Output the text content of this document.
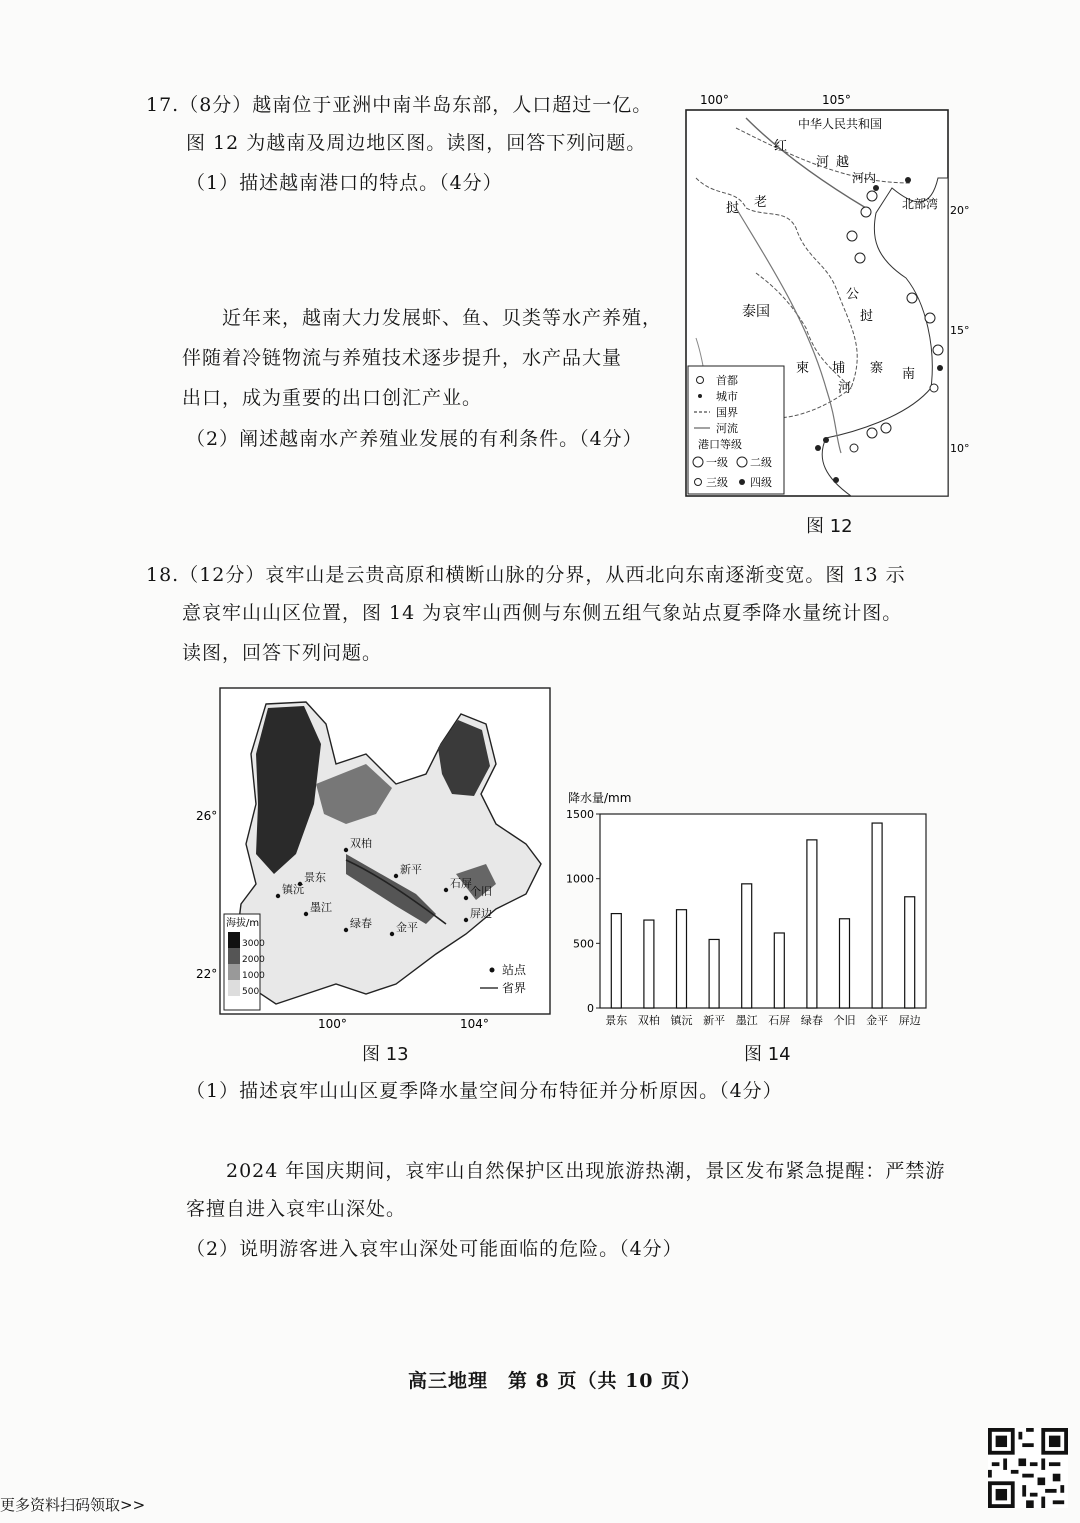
17.（8分）越南位于亚洲中南半岛东部，人口超过一亿。
图 12 为越南及周边地区图。读图，回答下列问题。
（1）描述越南港口的特点。（4分）
近年来，越南大力发展虾、鱼、贝类等水产养殖，
伴随着冷链物流与养殖技术逐步提升，水产品大量
出口，成为重要的出口创汇产业。
（2）阐述越南水产养殖业发展的有利条件。（4分）
100°	105°
20°
15°
10°
中华人民共和国
红
河 越
河内
北部湾
老
挝
泰国
公
挝
柬 埔 寨 南
河
首都
城市
国界
河流
港口等级
一级 二级
三级 四级
图 12
18.（12分）哀牢山是云贵高原和横断山脉的分界，从西北向东南逐渐变宽。图 13 示
意哀牢山山区位置，图 14 为哀牢山西侧与东侧五组气象站点夏季降水量统计图。
读图，回答下列问题。
26°
22°
100°	104°
海拔/m
3000
2000
1000
500
站点
省界
景东
双柏
镇沅
新平
墨江
石屏
绿春
个旧
金平
屏边
图 13
降水量/mm
0
500
1000
1500
景东 双柏 镇沅 新平 墨江 石屏 绿春 个旧 金平 屏边
图 14
（1）描述哀牢山山区夏季降水量空间分布特征并分析原因。（4分）
2024 年国庆期间，哀牢山自然保护区出现旅游热潮，景区发布紧急提醒：严禁游
客擅自进入哀牢山深处。
（2）说明游客进入哀牢山深处可能面临的危险。（4分）
高三地理　第 8 页（共 10 页）
更多资料扫码领取>>
